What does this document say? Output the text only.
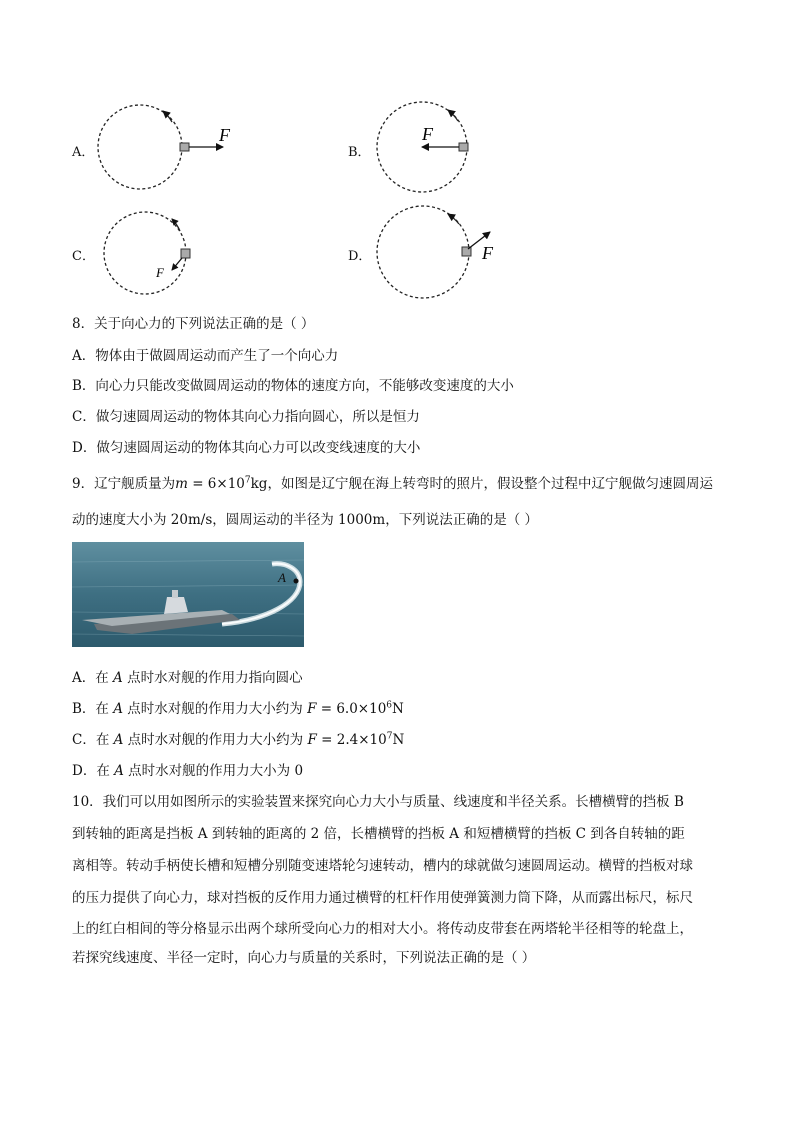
A．
F
B．
F
C．
F
D．	F
8．关于向心力的下列说法正确的是（ ）
A．物体由于做圆周运动而产生了一个向心力
B．向心力只能改变做圆周运动的物体的速度方向，不能够改变速度的大小
C．做匀速圆周运动的物体其向心力指向圆心，所以是恒力
D．做匀速圆周运动的物体其向心力可以改变线速度的大小
9．辽宁舰质量为$m = 6\times 10^7kg$，如图是辽宁舰在海上转弯时的照片，假设整个过程中辽宁舰做匀速圆周运
动的速度大小为 20m/s，圆周运动的半径为 1000m，下列说法正确的是（ ）
A
A．在 A 点时水对舰的作用力指向圆心
B．在 A 点时水对舰的作用力大小约为 $F = 6.0\times 10^6N$
C．在 A 点时水对舰的作用力大小约为 $F = 2.4\times 10^7N$
D．在 A 点时水对舰的作用力大小为 0
10．我们可以用如图所示的实验装置来探究向心力大小与质量、线速度和半径关系。长槽横臂的挡板 B
到转轴的距离是挡板 A 到转轴的距离的 2 倍，长槽横臂的挡板 A 和短槽横臂的挡板 C 到各自转轴的距
离相等。转动手柄使长槽和短槽分别随变速塔轮匀速转动，槽内的球就做匀速圆周运动。横臂的挡板对球
的压力提供了向心力，球对挡板的反作用力通过横臂的杠杆作用使弹簧测力筒下降，从而露出标尺，标尺
上的红白相间的等分格显示出两个球所受向心力的相对大小。将传动皮带套在两塔轮半径相等的轮盘上，
若探究线速度、半径一定时，向心力与质量的关系时，下列说法正确的是（ ）
